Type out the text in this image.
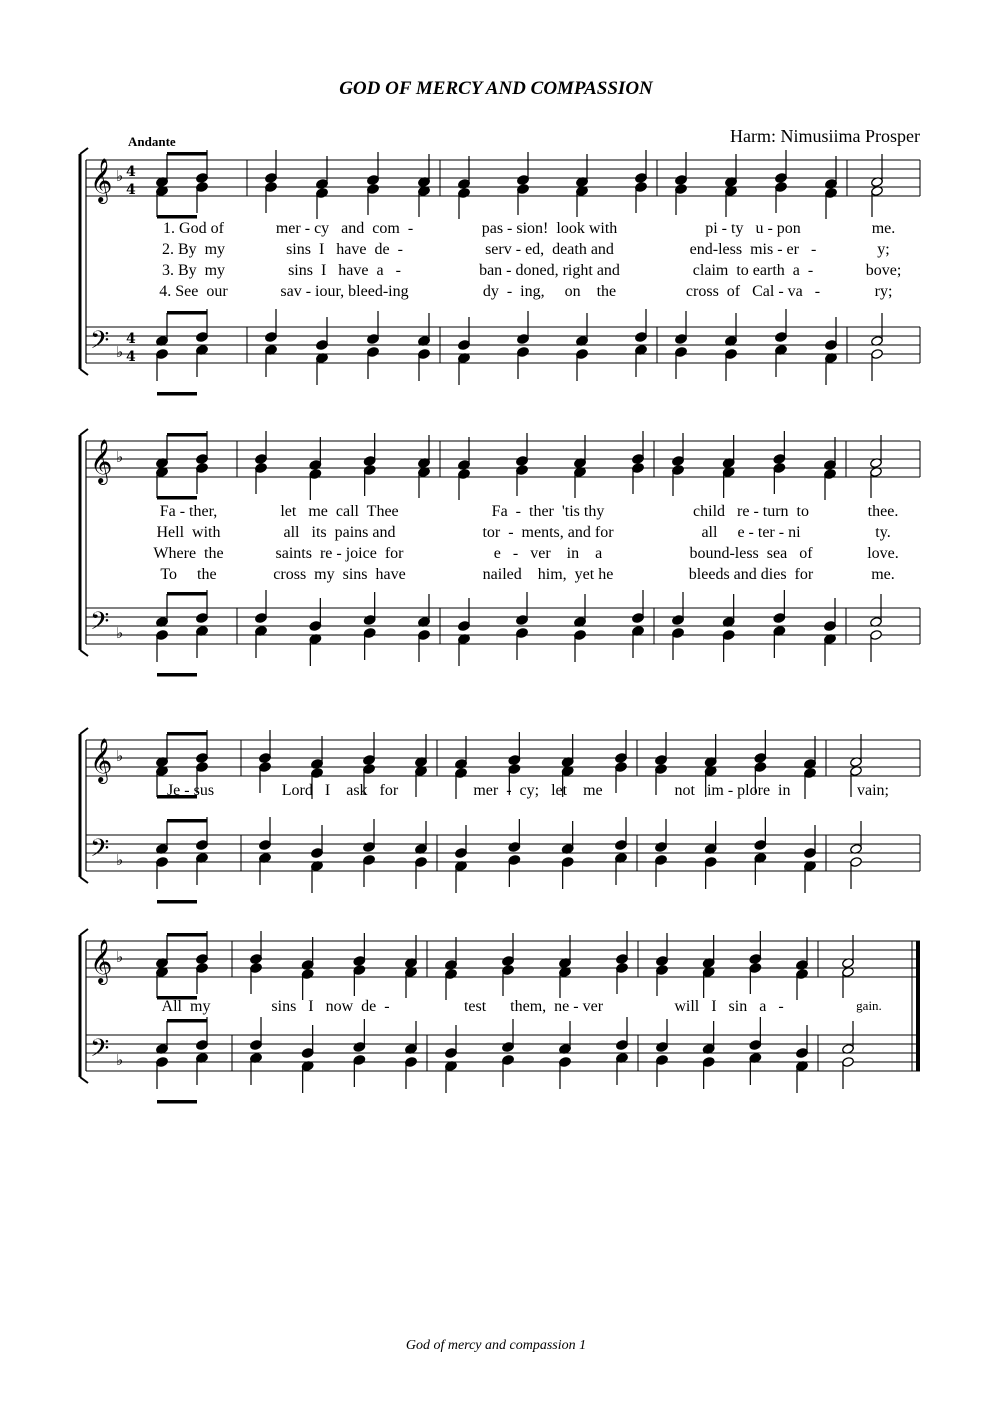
GOD OF MERCY AND COMPASSION
Harm: Nimusiima Prosper
Andante
God of mercy and compassion 1
𝄞
𝄢
♭
♭
4
4
4
4
𝄞
𝄢
♭
♭
𝄞
𝄢
♭
♭
𝄞
𝄢
♭
♭
1. God of	mer - cy   and  com  -	pas - sion!  look with	pi - ty   u - pon	me.
2. By  my	sins  I   have  de  -	serv - ed,  death and	end-less  mis - er   -	y;
3. By  my	sins  I   have  a   -	ban - doned, right and	claim  to earth  a  -	bove;
4. See  our	sav - iour, bleed-ing	dy  -  ing,     on    the	cross  of   Cal - va   -	ry;
Fa - ther,	let   me  call  Thee	Fa  -  ther  'tis thy	child   re - turn  to	thee.
Hell  with	all   its  pains and	tor  -  ments, and for	all     e - ter - ni	ty.
Where  the	saints  re - joice  for	e   -   ver    in    a	bound-less  sea   of	love.
To     the	cross  my  sins  have	nailed    him,  yet he	bleeds and dies  for	me.
Je - sus	Lord   I    ask   for	mer  -  cy;   let    me	not   im - plore  in	vain;
All  my	sins   I   now  de  -	test      them,  ne - ver	will   I   sin   a   -	gain.
